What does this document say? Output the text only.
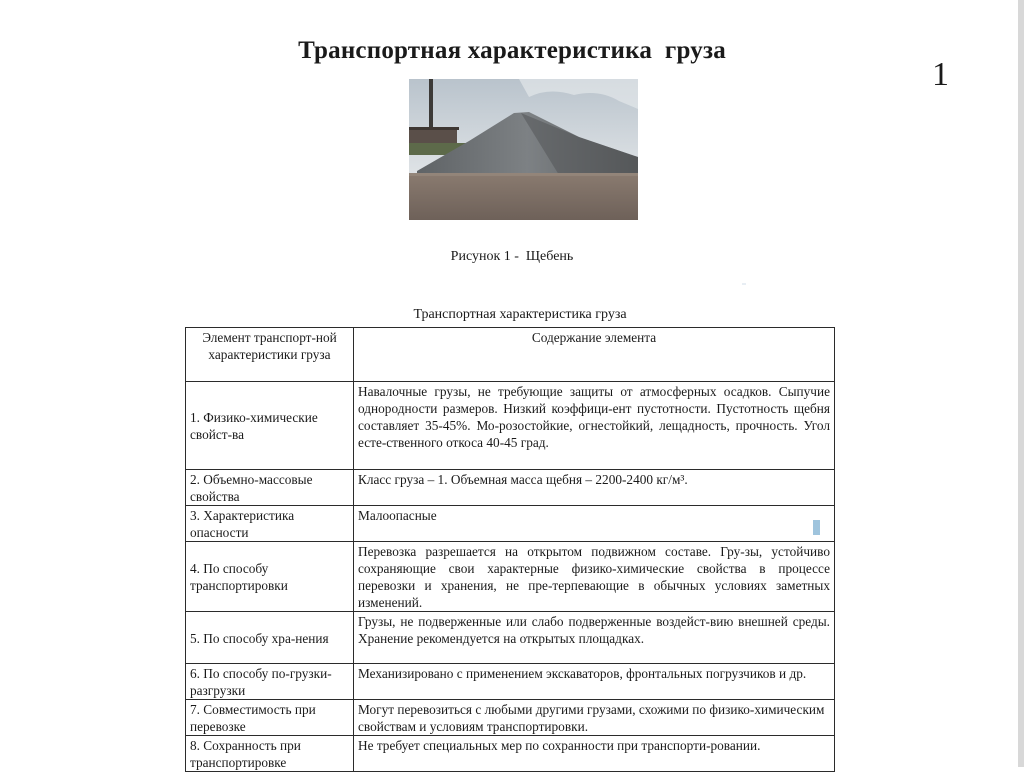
Транспортная характеристика  груза
1
Рисунок 1 -  Щебень
Транспортная характеристика груза
Элемент транспорт-ной характеристики груза	Содержание элемента
1. Физико-химические свойст-ва	Навалочные грузы, не требующие защиты от атмосферных осадков. Сыпучие однородности размеров. Низкий коэффици-ент пустотности. Пустотность щебня составляет 35-45%. Мо-розостойкие, огнестойкий, лещадность, прочность. Угол есте-ственного откоса 40-45 град.
2. Объемно-массовые свойства	Класс груза – 1. Объемная масса щебня – 2200-2400 кг/м³.
3. Характеристика опасности	Малоопасные
4. По способу транспортировки	Перевозка разрешается на открытом подвижном составе. Гру-зы, устойчиво сохраняющие свои характерные физико-химические свойства в процессе перевозки и хранения, не пре-терпевающие в обычных условиях заметных изменений.
5. По способу хра-нения	Грузы, не подверженные или слабо подверженные воздейст-вию внешней среды. Хранение рекомендуется на открытых площадках.
6. По способу по-грузки-разгрузки	Механизировано с применением экскаваторов, фронтальных погрузчиков и др.
7. Совместимость при перевозке	Могут перевозиться с любыми другими грузами, схожими по физико-химическим свойствам и условиям транспортировки.
8. Сохранность при транспортировке	Не требует специальных мер по сохранности при транспорти-ровании.
